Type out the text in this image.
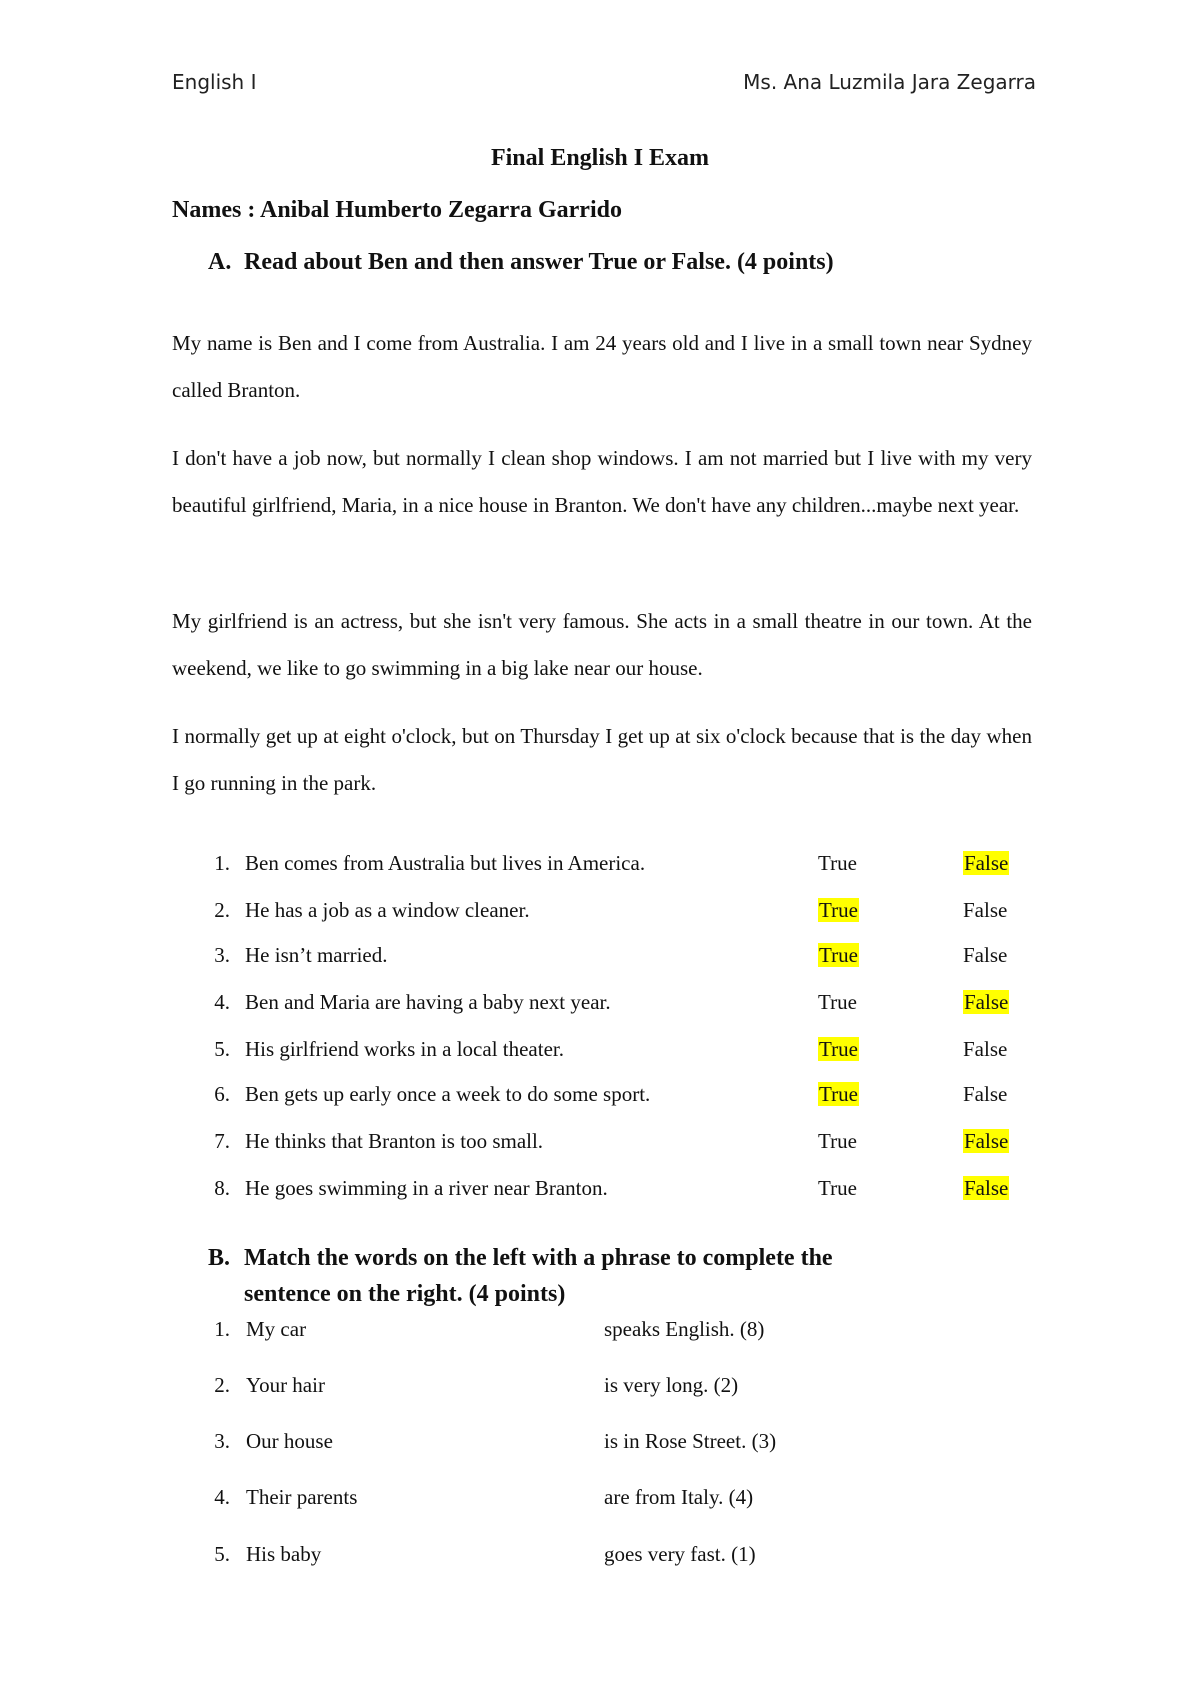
English I	Ms. Ana Luzmila Jara Zegarra
Final English I Exam
Names : Anibal Humberto Zegarra Garrido
A. Read about Ben and then answer True or False. (4 points)
My name is Ben and I come from Australia. I am 24 years old and I live in a small town near Sydney called Branton.
I don't have a job now, but normally I clean shop windows. I am not married but I live with my very beautiful girlfriend, Maria, in a nice house in Branton. We don't have any children...maybe next year.
My girlfriend is an actress, but she isn't very famous. She acts in a small theatre in our town. At the weekend, we like to go swimming in a big lake near our house.
I normally get up at eight o'clock, but on Thursday I get up at six o'clock because that is the day when I go running in the park.
1. Ben comes from Australia but lives in America.	True	False
2. He has a job as a window cleaner.	True	False
3. He isn’t married.	True	False
4. Ben and Maria are having a baby next year.	True	False
5. His girlfriend works in a local theater.	True	False
6. Ben gets up early once a week to do some sport.	True	False
7. He thinks that Branton is too small.	True	False
8. He goes swimming in a river near Branton.	True	False
B. Match the words on the left with a phrase to complete the
sentence on the right. (4 points)
1. My car	speaks English. (8)
2. Your hair	is very long. (2)
3. Our house	is in Rose Street. (3)
4. Their parents	are from Italy. (4)
5. His baby	goes very fast. (1)
